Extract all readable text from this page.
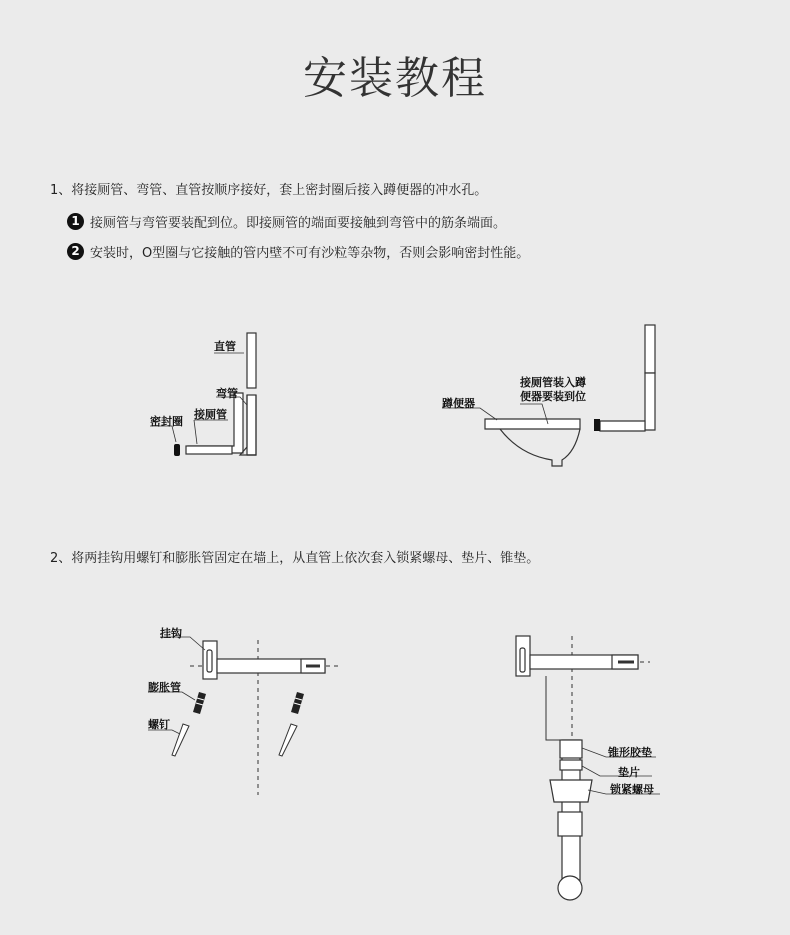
安装教程
1、将接厕管、弯管、直管按顺序接好，套上密封圈后接入蹲便器的冲水孔。
1 接厕管与弯管要装配到位。即接厕管的端面要接触到弯管中的筋条端面。
2 安装时，O型圈与它接触的管内壁不可有沙粒等杂物，否则会影响密封性能。
直管
弯管
密封圈
接厕管
蹲便器
接厕管装入蹲
便器要装到位
2、将两挂钩用螺钉和膨胀管固定在墙上，从直管上依次套入锁紧螺母、垫片、锥垫。
挂钩
膨胀管
螺钉
锥形胶垫
垫片
锁紧螺母
